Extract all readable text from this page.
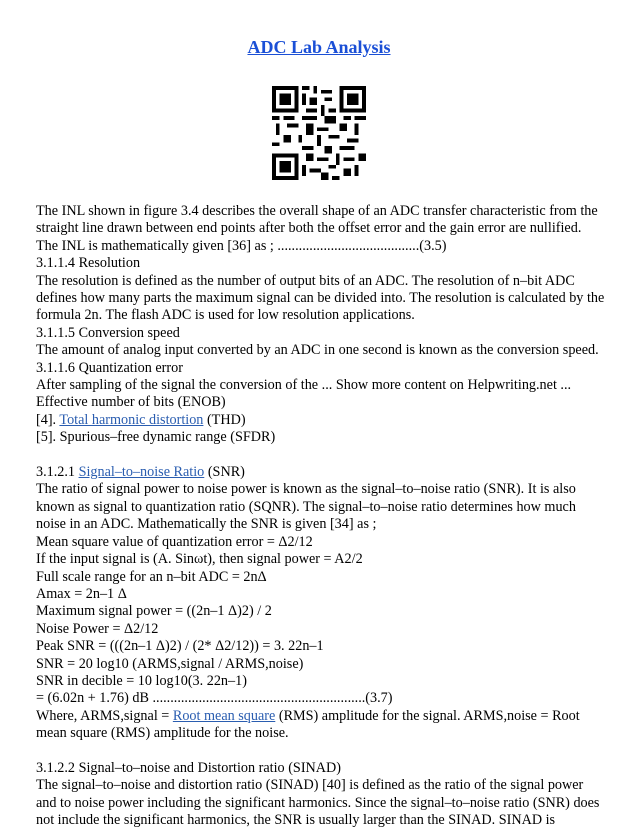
ADC Lab Analysis

The INL shown in figure 3.4 describes the overall shape of an ADC transfer characteristic from the straight line drawn between end points after both the offset error and the gain error are nullified. The INL is mathematically given [36] as ; ........................................(3.5)

3.1.1.4 Resolution

The resolution is defined as the number of output bits of an ADC. The resolution of n–bit ADC defines how many parts the maximum signal can be divided into. The resolution is calculated by the formula 2n. The flash ADC is used for low resolution applications.

3.1.1.5 Conversion speed

The amount of analog input converted by an ADC in one second is known as the conversion speed.

3.1.1.6 Quantization error

After sampling of the signal the conversion of the ... Show more content on Helpwriting.net ...

Effective number of bits (ENOB)

[4]. Total harmonic distortion (THD)

[5]. Spurious–free dynamic range (SFDR)

3.1.2.1 Signal–to–noise Ratio (SNR)

The ratio of signal power to noise power is known as the signal–to–noise ratio (SNR). It is also known as signal to quantization ratio (SQNR). The signal–to–noise ratio determines how much noise in an ADC. Mathematically the SNR is given [34] as ;

Mean square value of quantization error = Δ2/12

If the input signal is (A. Sinωt), then signal power = A2/2

Full scale range for an n–bit ADC = 2nΔ

Amax = 2n–1 Δ

Maximum signal power = ((2n–1 Δ)2) / 2

Noise Power = Δ2/12

Peak SNR = (((2n–1 Δ)2) / (2* Δ2/12)) = 3. 22n–1

SNR = 20 log10 (ARMS,signal / ARMS,noise)

SNR in decible = 10 log10(3. 22n–1)

= (6.02n + 1.76) dB ............................................................(3.7)

Where, ARMS,signal = Root mean square (RMS) amplitude for the signal. ARMS,noise = Root mean square (RMS) amplitude for the noise.

3.1.2.2 Signal–to–noise and Distortion ratio (SINAD)

The signal–to–noise and distortion ratio (SINAD) [40] is defined as the ratio of the signal power and to noise power including the significant harmonics. Since the signal–to–noise ratio (SNR) does not include the significant harmonics, the SNR is usually larger than the SINAD. SINAD is
